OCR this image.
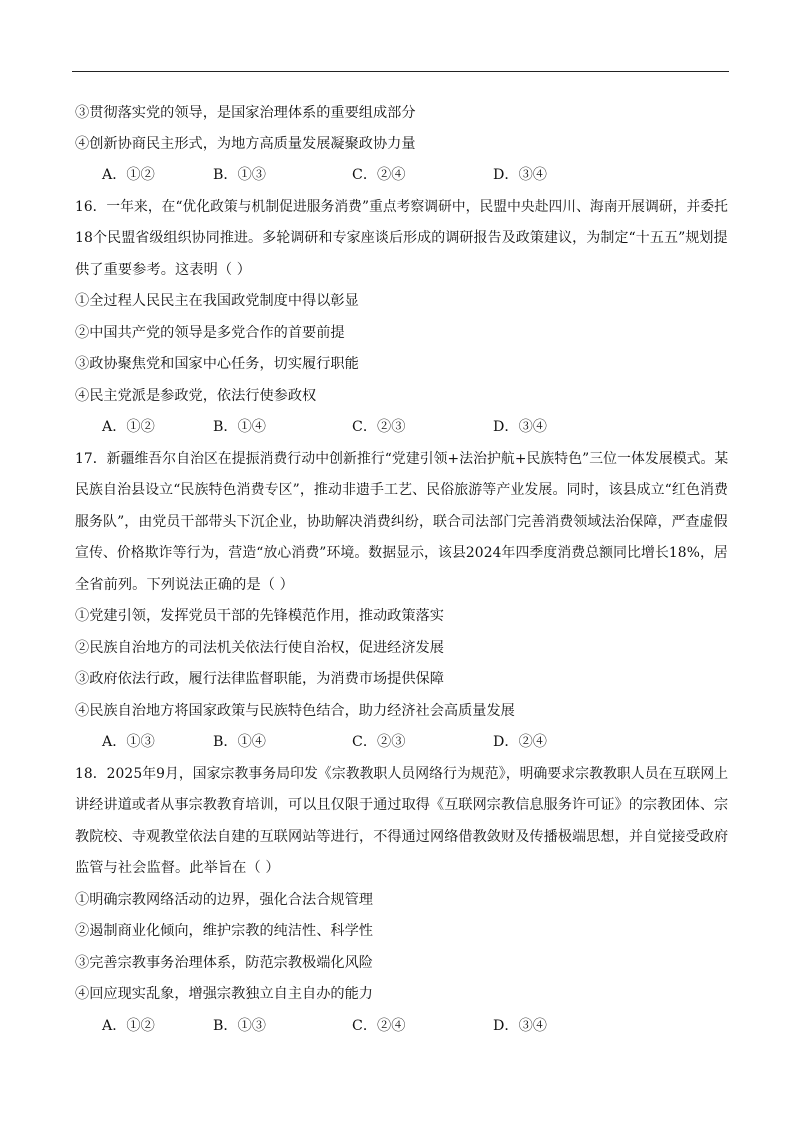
③贯彻落实党的领导，是国家治理体系的重要组成部分
④创新协商民主形式，为地方高质量发展凝聚政协力量
A．①②	B．①③	C．②④	D．③④
16．一年来，在“优化政策与机制促进服务消费”重点考察调研中，民盟中央赴四川、海南开展调研，并委托
18个民盟省级组织协同推进。多轮调研和专家座谈后形成的调研报告及政策建议，为制定“十五五”规划提
供了重要参考。这表明（ ）
①全过程人民民主在我国政党制度中得以彰显
②中国共产党的领导是多党合作的首要前提
③政协聚焦党和国家中心任务，切实履行职能
④民主党派是参政党，依法行使参政权
A．①②	B．①④	C．②③	D．③④
17．新疆维吾尔自治区在提振消费行动中创新推行“党建引领+法治护航+民族特色”三位一体发展模式。某
民族自治县设立“民族特色消费专区”，推动非遗手工艺、民俗旅游等产业发展。同时，该县成立“红色消费
服务队”，由党员干部带头下沉企业，协助解决消费纠纷，联合司法部门完善消费领域法治保障，严查虚假
宣传、价格欺诈等行为，营造“放心消费”环境。数据显示，该县2024年四季度消费总额同比增长18%，居
全省前列。下列说法正确的是（ ）
①党建引领，发挥党员干部的先锋模范作用，推动政策落实
②民族自治地方的司法机关依法行使自治权，促进经济发展
③政府依法行政，履行法律监督职能，为消费市场提供保障
④民族自治地方将国家政策与民族特色结合，助力经济社会高质量发展
A．①③	B．①④	C．②③	D．②④
18．2025年9月，国家宗教事务局印发《宗教教职人员网络行为规范》，明确要求宗教教职人员在互联网上
讲经讲道或者从事宗教教育培训，可以且仅限于通过取得《互联网宗教信息服务许可证》的宗教团体、宗
教院校、寺观教堂依法自建的互联网站等进行，不得通过网络借教敛财及传播极端思想，并自觉接受政府
监管与社会监督。此举旨在（ ）
①明确宗教网络活动的边界，强化合法合规管理
②遏制商业化倾向，维护宗教的纯洁性、科学性
③完善宗教事务治理体系，防范宗教极端化风险
④回应现实乱象，增强宗教独立自主自办的能力
A．①②	B．①③	C．②④	D．③④
